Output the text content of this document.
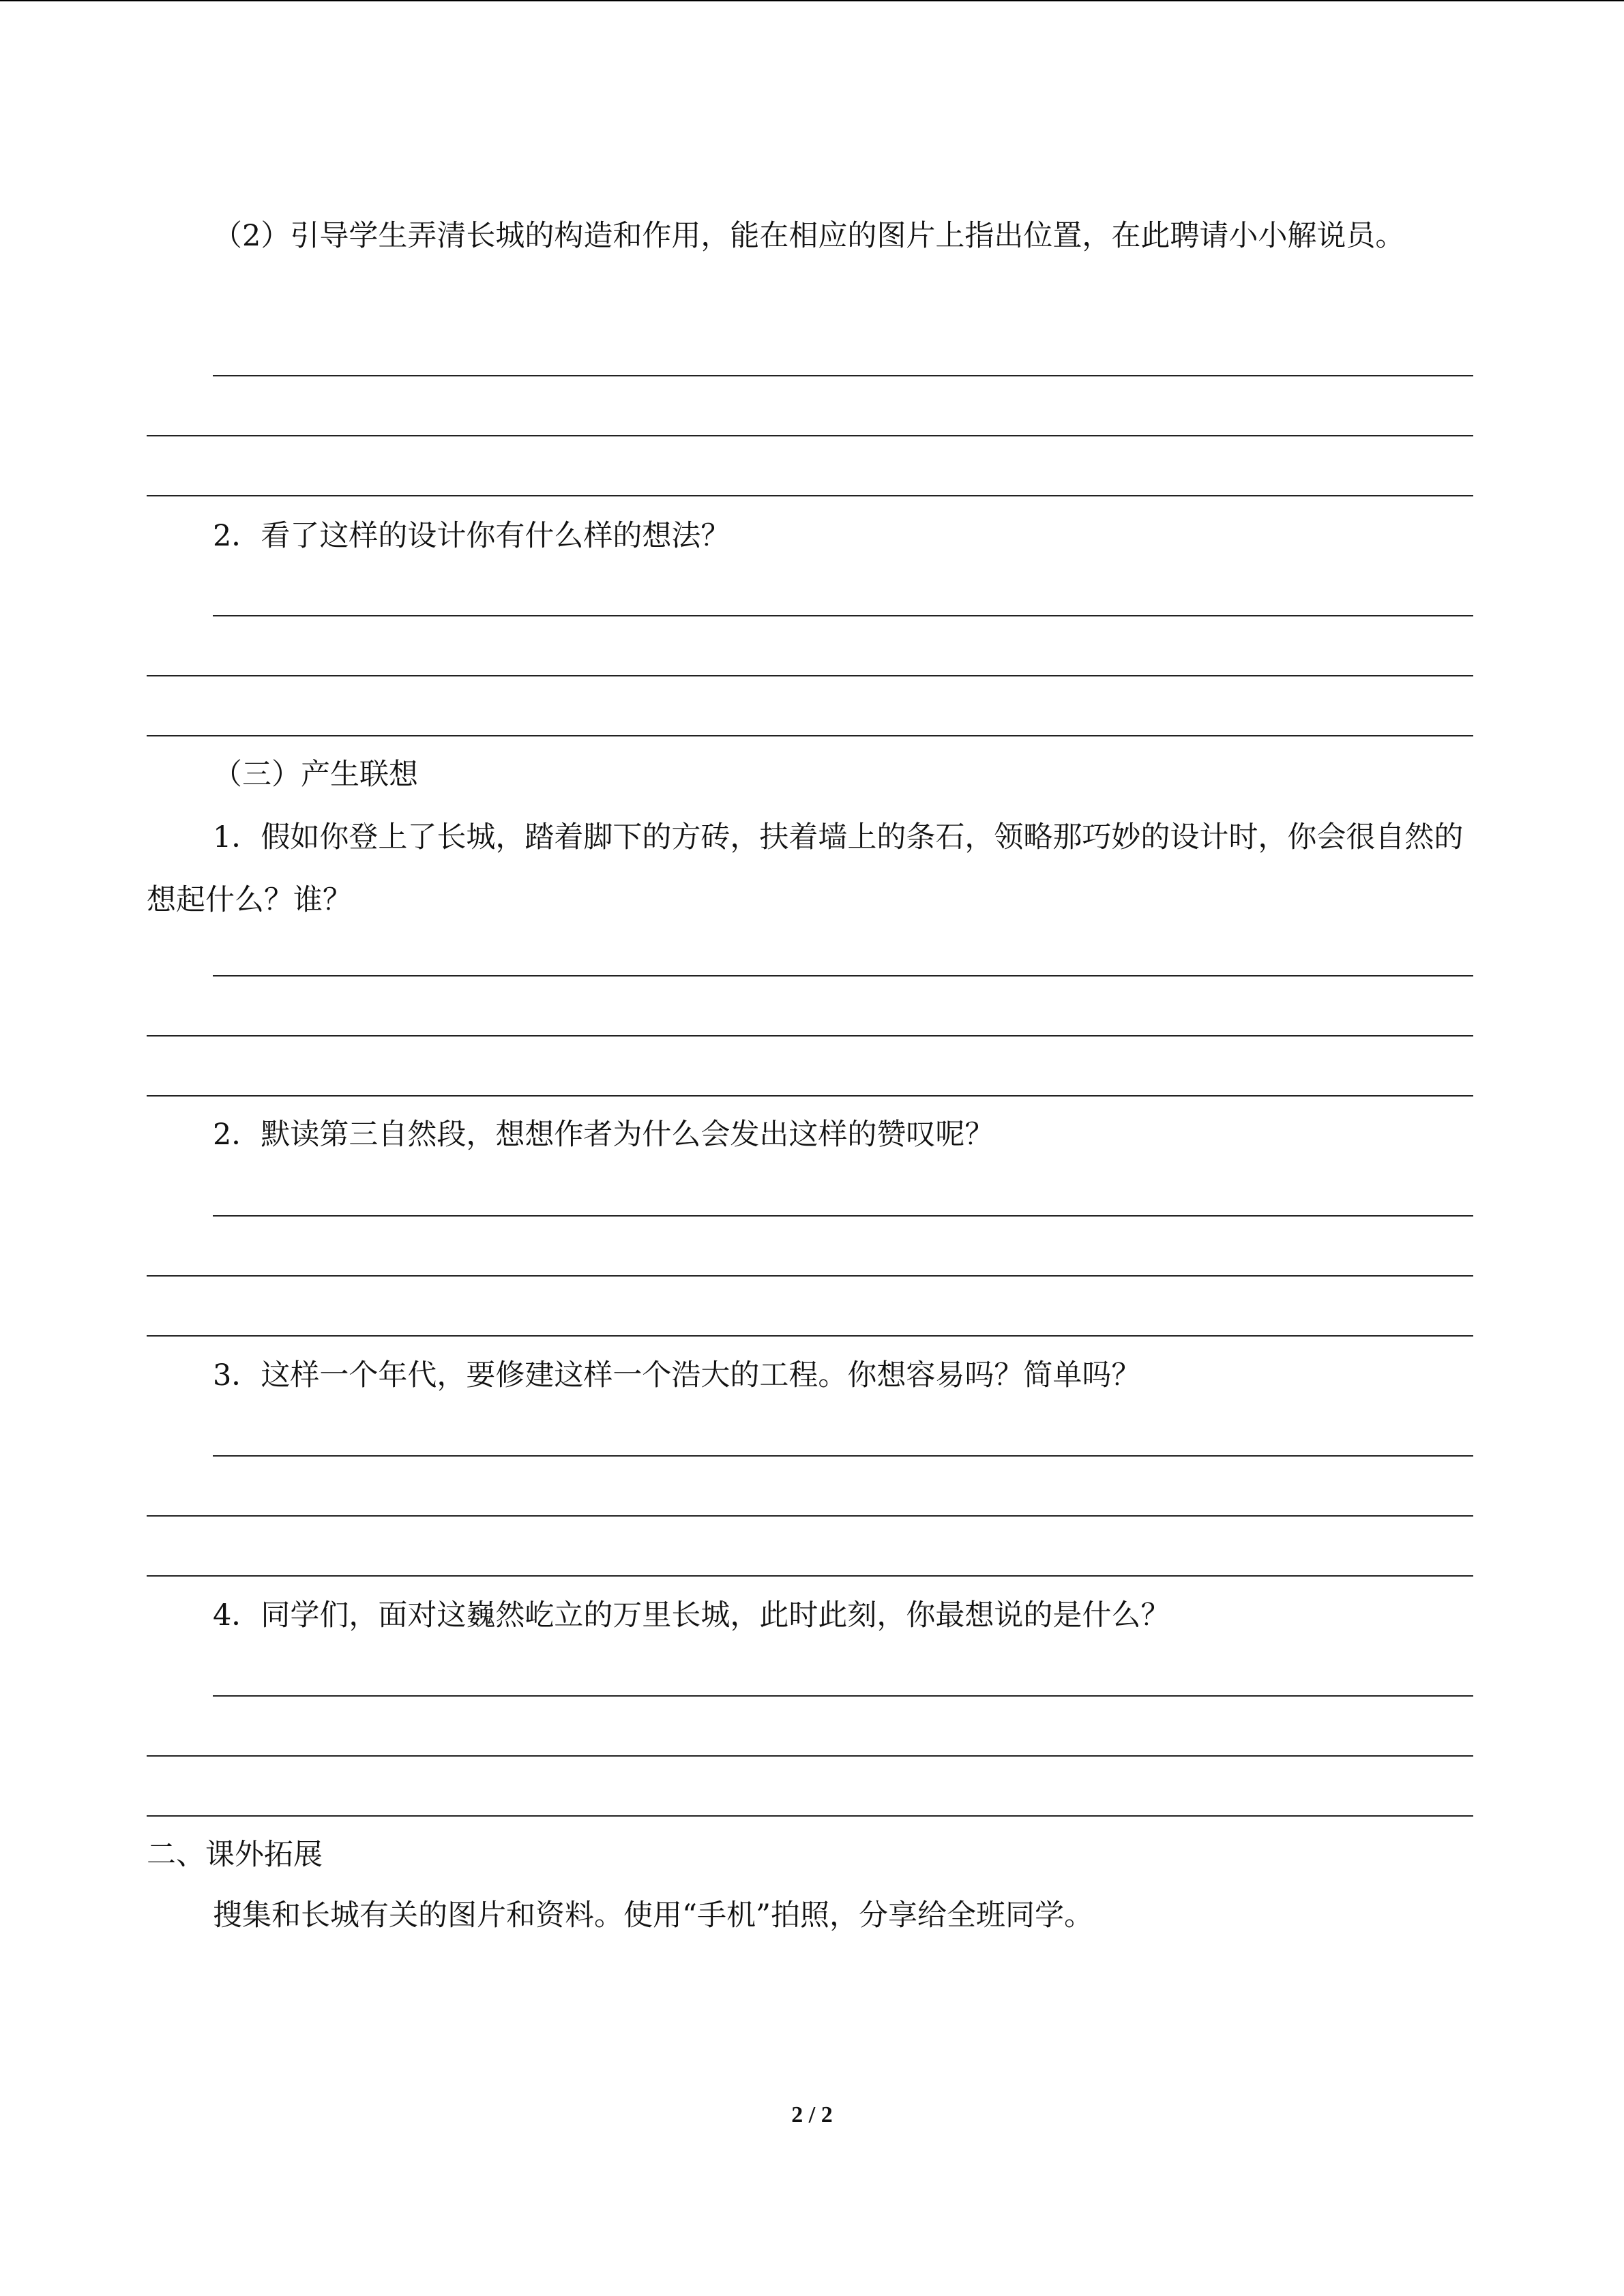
（2）引导学生弄清长城的构造和作用，能在相应的图片上指出位置，在此聘请小小解说员。
2．看了这样的设计你有什么样的想法？
（三）产生联想
1．假如你登上了长城，踏着脚下的方砖，扶着墙上的条石，领略那巧妙的设计时，你会很自然的想起什么？谁？
2．默读第三自然段，想想作者为什么会发出这样的赞叹呢？
3．这样一个年代，要修建这样一个浩大的工程。你想容易吗？简单吗？
4．同学们，面对这巍然屹立的万里长城，此时此刻，你最想说的是什么？
二、课外拓展
搜集和长城有关的图片和资料。使用“手机”拍照，分享给全班同学。
2 / 2
